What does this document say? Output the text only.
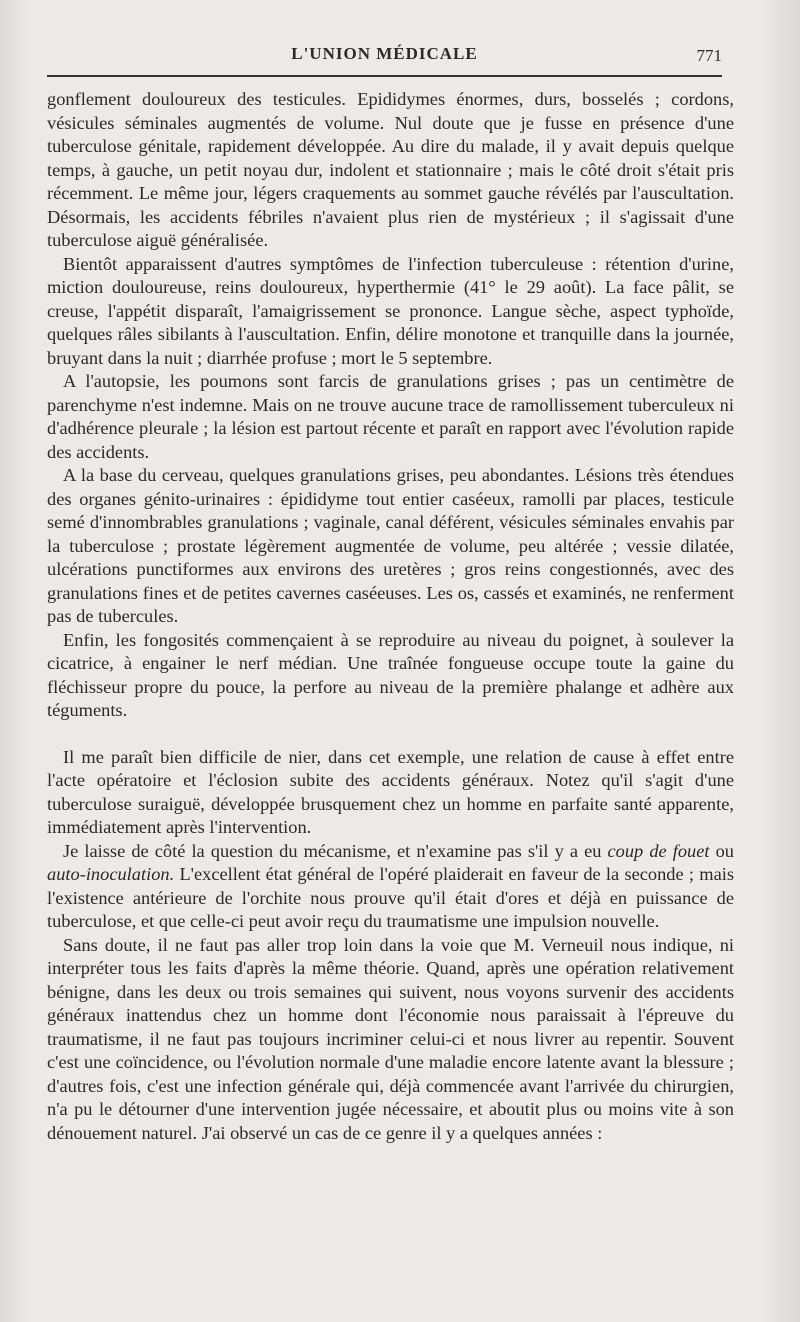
L'UNION MÉDICALE	771

gonflement douloureux des testicules. Epididymes énormes, durs, bosselés ; cordons, vésicules séminales augmentés de volume. Nul doute que je fusse en présence d'une tuberculose génitale, rapidement développée. Au dire du malade, il y avait depuis quelque temps, à gauche, un petit noyau dur, indolent et stationnaire ; mais le côté droit s'était pris récemment. Le même jour, légers craquements au sommet gauche révélés par l'auscultation. Désormais, les accidents fébriles n'avaient plus rien de mystérieux ; il s'agissait d'une tuberculose aiguë généralisée.

Bientôt apparaissent d'autres symptômes de l'infection tuberculeuse : rétention d'urine, miction douloureuse, reins douloureux, hyperthermie (41° le 29 août). La face pâlit, se creuse, l'appétit disparaît, l'amaigrissement se prononce. Langue sèche, aspect typhoïde, quelques râles sibilants à l'auscultation. Enfin, délire monotone et tranquille dans la journée, bruyant dans la nuit ; diarrhée profuse ; mort le 5 septembre.

A l'autopsie, les poumons sont farcis de granulations grises ; pas un centimètre de parenchyme n'est indemne. Mais on ne trouve aucune trace de ramollissement tuberculeux ni d'adhérence pleurale ; la lésion est partout récente et paraît en rapport avec l'évolution rapide des accidents.

A la base du cerveau, quelques granulations grises, peu abondantes. Lésions très étendues des organes génito-urinaires : épididyme tout entier caséeux, ramolli par places, testicule semé d'innombrables granulations ; vaginale, canal déférent, vésicules séminales envahis par la tuberculose ; prostate légèrement augmentée de volume, peu altérée ; vessie dilatée, ulcérations punctiformes aux environs des uretères ; gros reins congestionnés, avec des granulations fines et de petites cavernes caséeuses. Les os, cassés et examinés, ne renferment pas de tubercules.

Enfin, les fongosités commençaient à se reproduire au niveau du poignet, à soulever la cicatrice, à engainer le nerf médian. Une traînée fongueuse occupe toute la gaine du fléchisseur propre du pouce, la perfore au niveau de la première phalange et adhère aux téguments.

Il me paraît bien difficile de nier, dans cet exemple, une relation de cause à effet entre l'acte opératoire et l'éclosion subite des accidents généraux. Notez qu'il s'agit d'une tuberculose suraiguë, développée brusquement chez un homme en parfaite santé apparente, immédiatement après l'intervention.

Je laisse de côté la question du mécanisme, et n'examine pas s'il y a eu coup de fouet ou auto-inoculation. L'excellent état général de l'opéré plaiderait en faveur de la seconde ; mais l'existence antérieure de l'orchite nous prouve qu'il était d'ores et déjà en puissance de tuberculose, et que celle-ci peut avoir reçu du traumatisme une impulsion nouvelle.

Sans doute, il ne faut pas aller trop loin dans la voie que M. Verneuil nous indique, ni interpréter tous les faits d'après la même théorie. Quand, après une opération relativement bénigne, dans les deux ou trois semaines qui suivent, nous voyons survenir des accidents généraux inattendus chez un homme dont l'économie nous paraissait à l'épreuve du traumatisme, il ne faut pas toujours incriminer celui-ci et nous livrer au repentir. Souvent c'est une coïncidence, ou l'évolution normale d'une maladie encore latente avant la blessure ; d'autres fois, c'est une infection générale qui, déjà commencée avant l'arrivée du chirurgien, n'a pu le détourner d'une intervention jugée nécessaire, et aboutit plus ou moins vite à son dénouement naturel. J'ai observé un cas de ce genre il y a quelques années :
